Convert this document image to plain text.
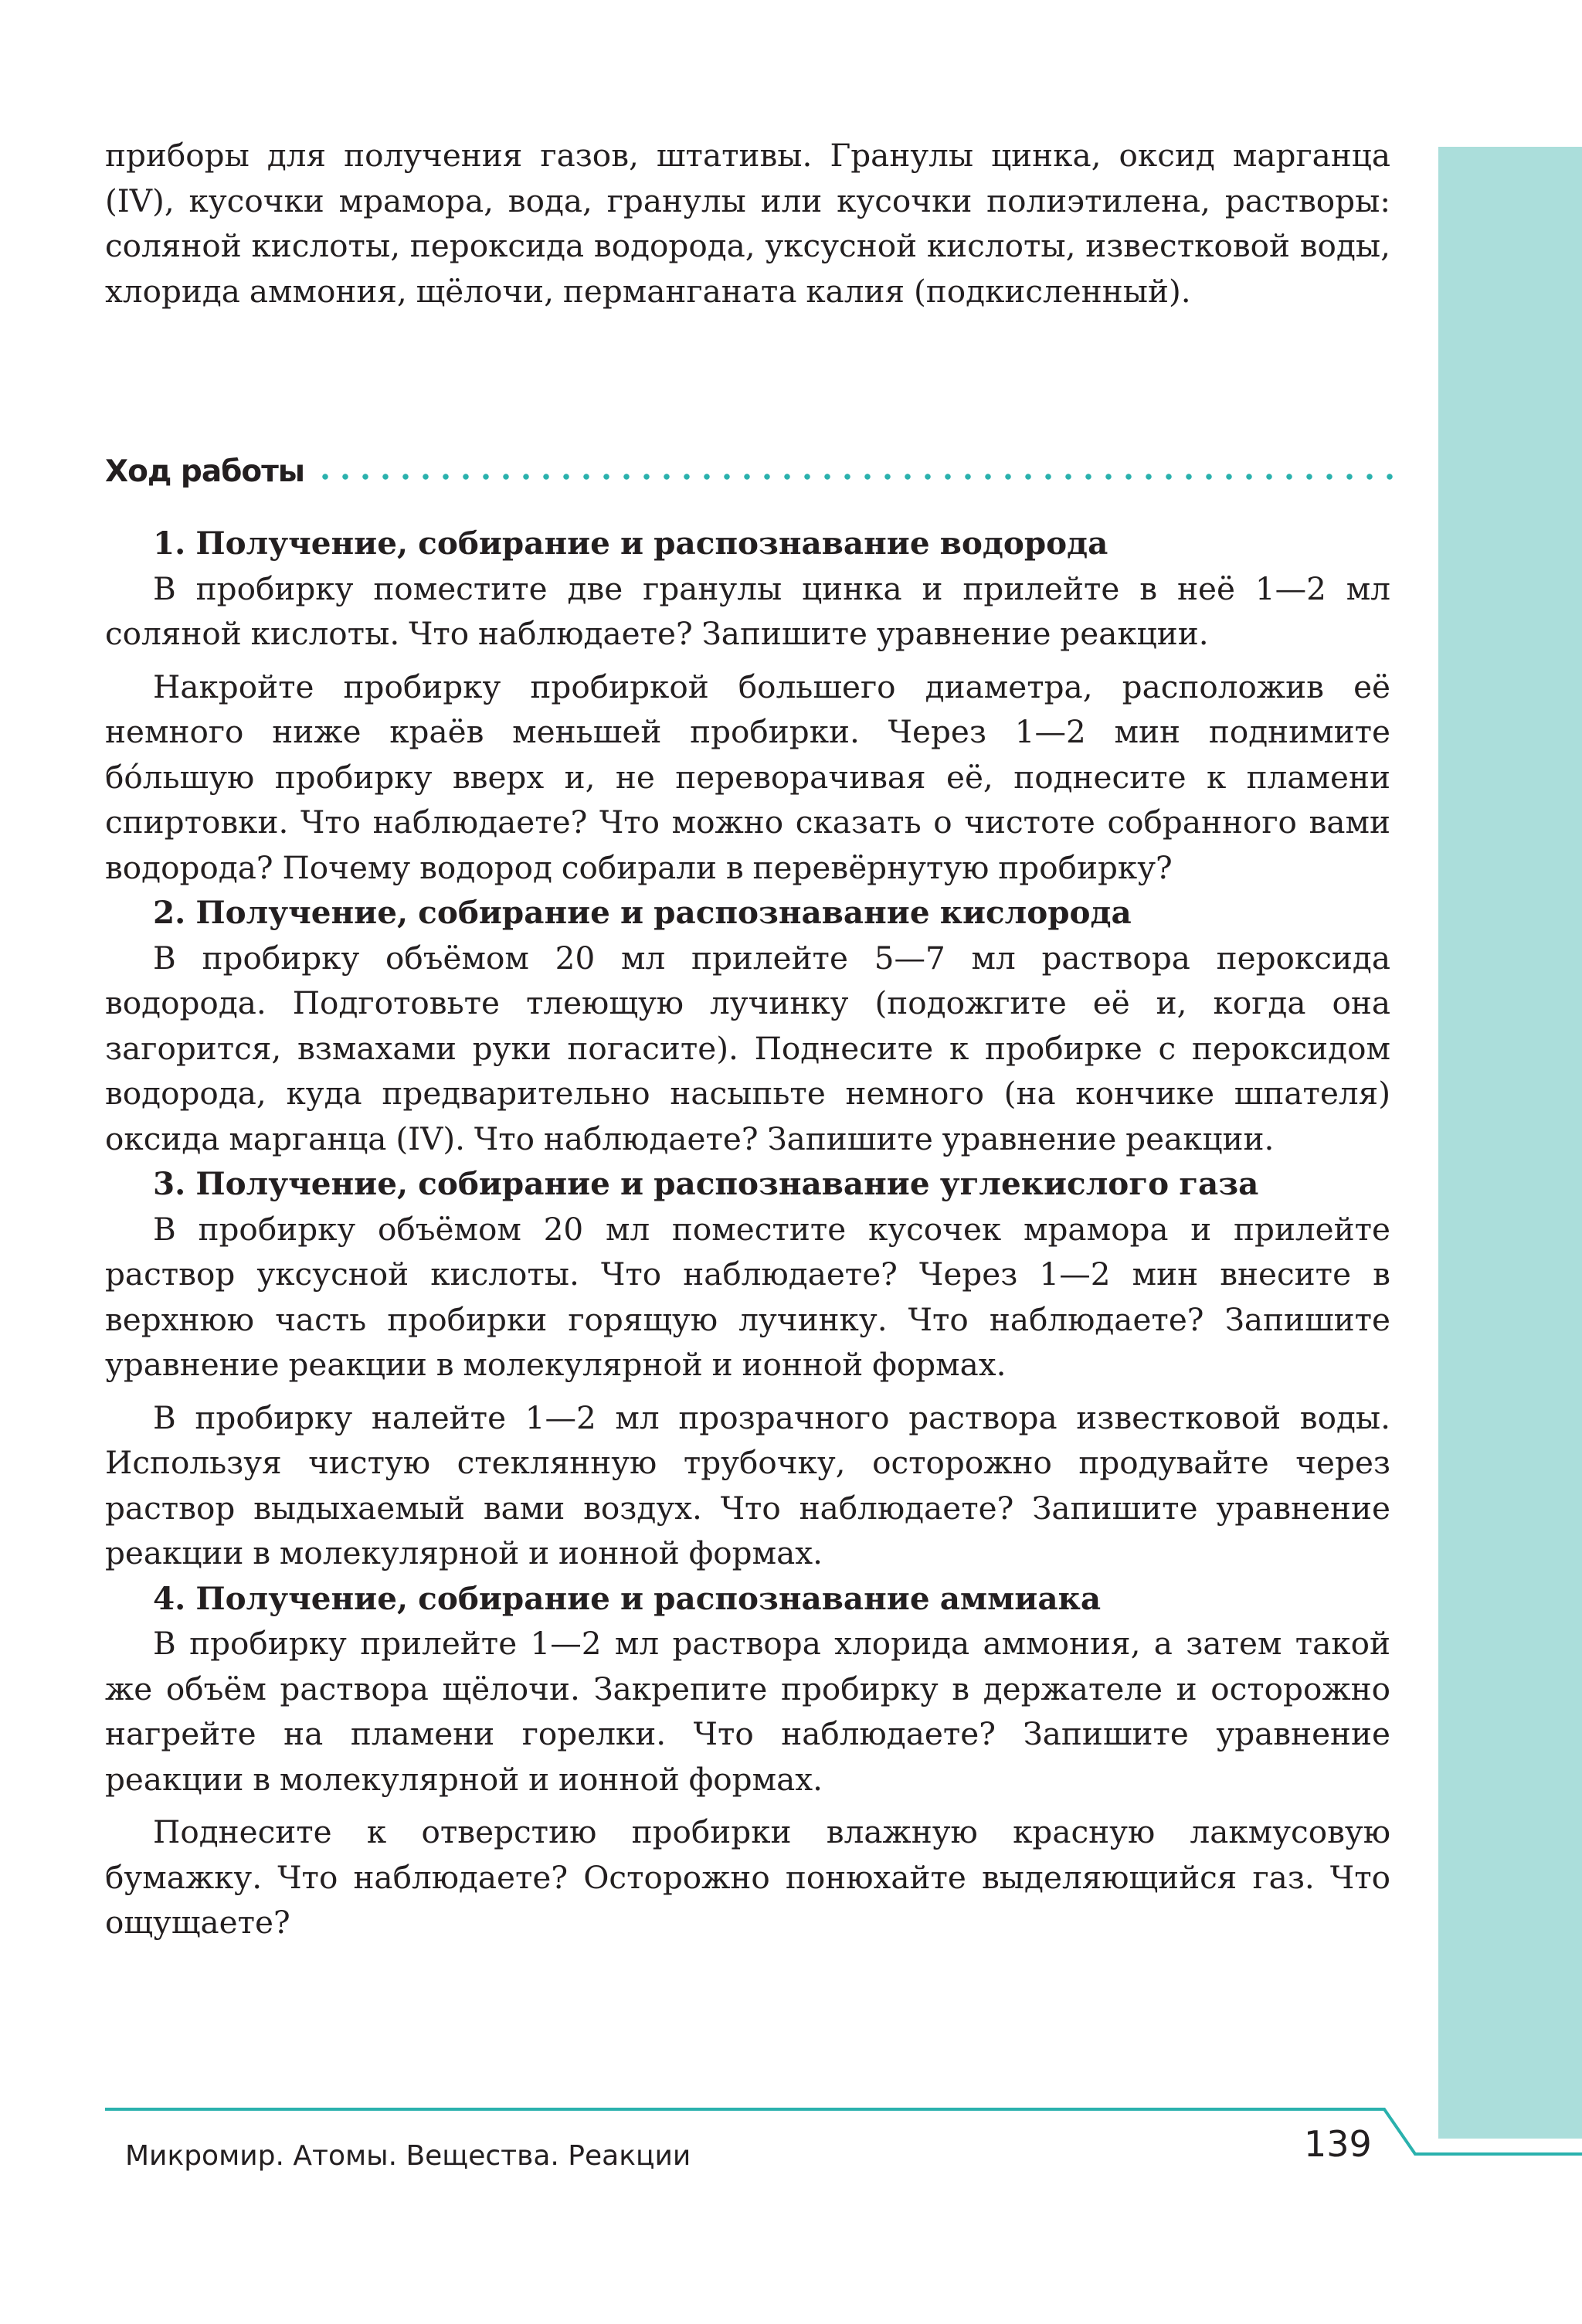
приборы для получения газов, штативы. Гранулы цинка, оксид марганца (IV), кусочки мрамора, вода, гранулы или кусочки полиэтилена, растворы: соляной кислоты, пероксида водорода, уксусной кислоты, известковой воды, хлорида аммония, щёлочи, перманганата калия (подкисленный).

Ход работы

1. Получение, собирание и распознавание водорода

В пробирку поместите две гранулы цинка и прилейте в неё 1—2 мл соляной кислоты. Что наблюдаете? Запишите уравнение реакции.

Накройте пробирку пробиркой большего диаметра, расположив её немного ниже краёв меньшей пробирки. Через 1—2 мин поднимите бо́льшую пробирку вверх и, не переворачивая её, поднесите к пламени спиртовки. Что наблюдаете? Что можно сказать о чистоте собранного вами водорода? Почему водород собирали в перевёрнутую пробирку?

2. Получение, собирание и распознавание кислорода

В пробирку объёмом 20 мл прилейте 5—7 мл раствора пероксида водорода. Подготовьте тлеющую лучинку (подожгите её и, когда она загорится, взмахами руки погасите). Поднесите к пробирке с пероксидом водорода, куда предварительно насыпьте немного (на кончике шпателя) оксида марганца (IV). Что наблюдаете? Запишите уравнение реакции.

3. Получение, собирание и распознавание углекислого газа

В пробирку объёмом 20 мл поместите кусочек мрамора и прилейте раствор уксусной кислоты. Что наблюдаете? Через 1—2 мин внесите в верхнюю часть пробирки горящую лучинку. Что наблюдаете? Запишите уравнение реакции в молекулярной и ионной формах.

В пробирку налейте 1—2 мл прозрачного раствора известковой воды. Используя чистую стеклянную трубочку, осторожно продувайте через раствор выдыхаемый вами воздух. Что наблюдаете? Запишите уравнение реакции в молекулярной и ионной формах.

4. Получение, собирание и распознавание аммиака

В пробирку прилейте 1—2 мл раствора хлорида аммония, а затем такой же объём раствора щёлочи. Закрепите пробирку в держателе и осторожно нагрейте на пламени горелки. Что наблюдаете? Запишите уравнение реакции в молекулярной и ионной формах.

Поднесите к отверстию пробирки влажную красную лакмусовую бумажку. Что наблюдаете? Осторожно понюхайте выделяющийся газ. Что ощущаете?

Микромир. Атомы. Вещества. Реакции	139
